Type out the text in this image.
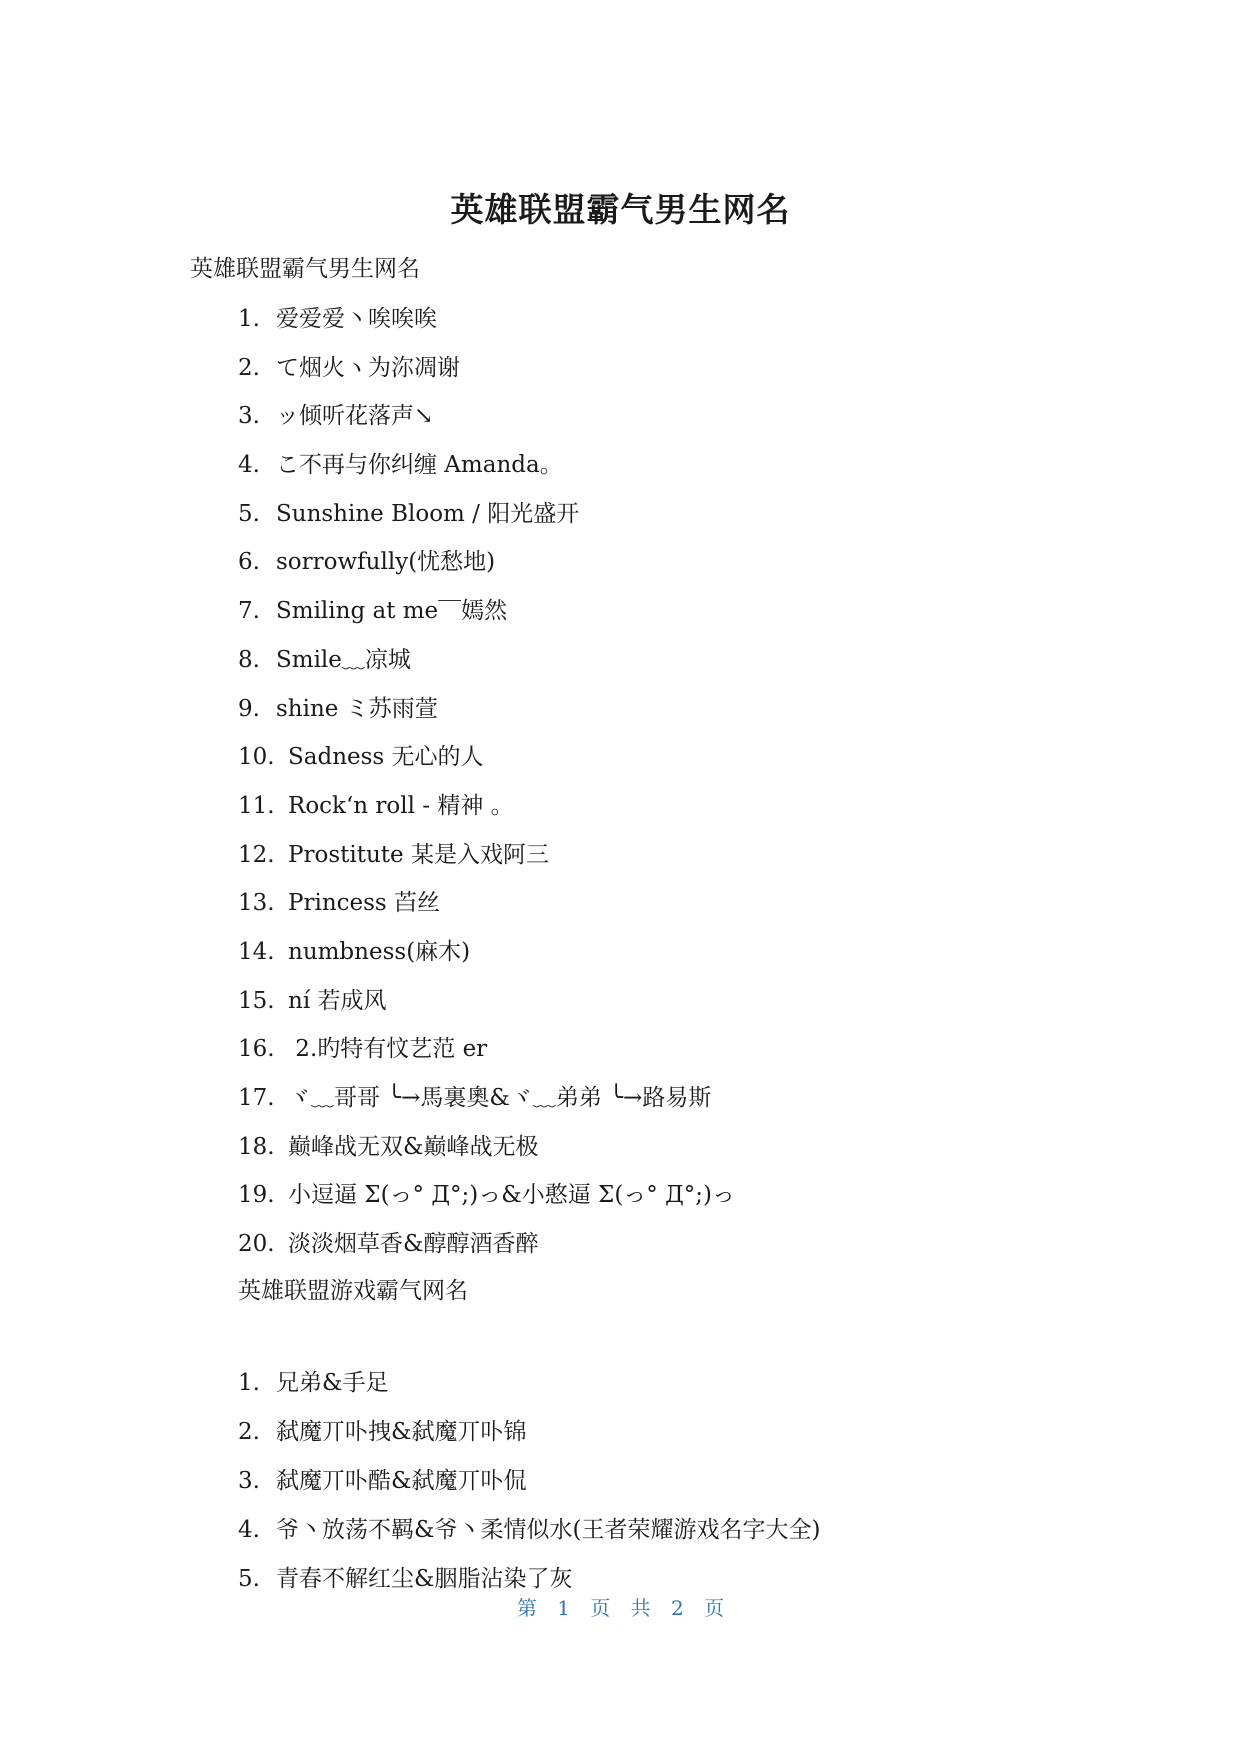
英雄联盟霸气男生网名
英雄联盟霸气男生网名
1. 爱爱爱丶唉唉唉
2. て烟火ヽ为沵凋谢
3. ッ倾听花落声↘
4. こ不再与你纠缠 Amanda。
5. Sunshine Bloom / 阳光盛开
6. sorrowfully(忧愁地)
7. Smiling at me‾‾嫣然
8. Smile﹏凉城
9. shine ミ苏雨萱
10. Sadness 无心的人
11. Rock‘n roll - 精神 。
12. Prostitute 某是入戏阿三
13. Princess 苩丝
14. numbness(麻木)
15. ní 若成风
16. 2.旳特有忟艺范 er
17. ヾ﹏哥哥 ╰→馬裏奧&ヾ﹏弟弟 ╰→路易斯
18. 巅峰战无双&巅峰战无极
19. 小逗逼 Σ(っ° Д°;)っ&小憨逼 Σ(っ° Д°;)っ
20. 淡淡烟草香&醇醇酒香醉
英雄联盟游戏霸气网名
1. 兄弟&手足
2. 弑魔丌卟拽&弑魔丌卟锦
3. 弑魔丌卟酷&弑魔丌卟侃
4. 爷丶放荡不羁&爷丶柔情似水(王者荣耀游戏名字大全)
5. 青春不解红尘&胭脂沾染了灰
第 1 页 共 2 页
